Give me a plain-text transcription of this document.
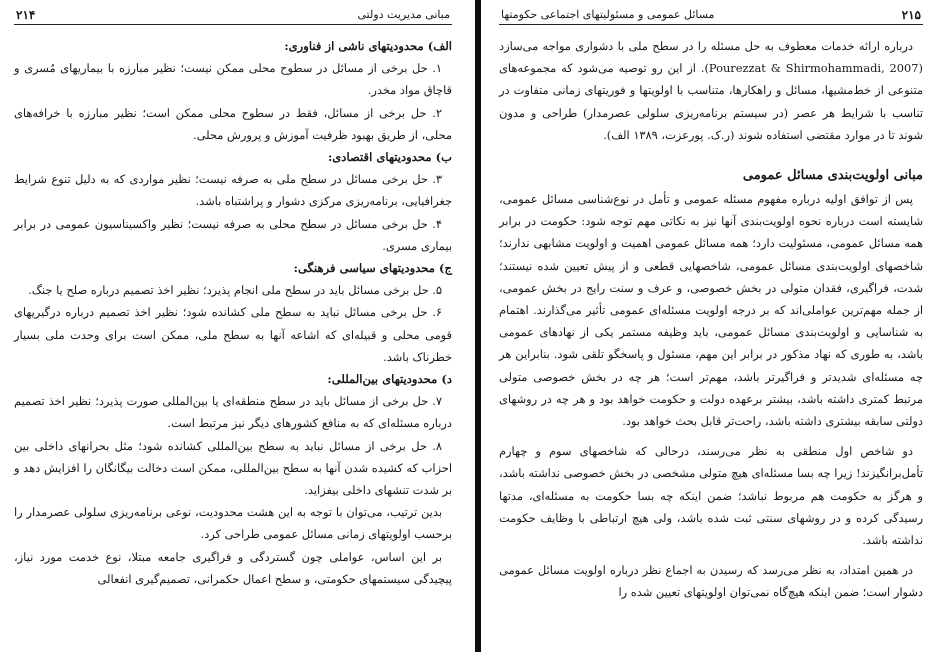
مبانی مدیریت دولتی
۲۱۴
الف) محدودیتهای ناشی از فناوری:

۱. حل برخی از مسائل در سطوح محلی ممکن نیست؛ نظیر مبارزه با بیماریهای مُسری و قاچاق مواد مخدر.

۲. حل برخی از مسائل، فقط در سطوح محلی ممکن است؛ نظیر مبارزه با خرافه‌های محلی، از طریق بهبود ظرفیت آموزش و پرورش محلی.

ب) محدودیتهای اقتصادی:

۳. حل برخی مسائل در سطح ملی به صرفه نیست؛ نظیر مواردی که به دلیل تنوع شرایط جغرافیایی، برنامه‌ریزی مرکزی دشوار و پراشتباه باشد.

۴. حل برخی مسائل در سطح محلی به صرفه نیست؛ نظیر واکسیناسیون عمومی در برابر بیماری مسری.

ج) محدودیتهای سیاسی فرهنگی:

۵. حل برخی مسائل باید در سطح ملی انجام پذیرد؛ نظیر اخذ تصمیم درباره صلح یا جنگ.

۶. حل برخی مسائل نباید به سطح ملی کشانده شود؛ نظیر اخذ تصمیم درباره درگیریهای قومی محلی و قبیله‌ای که اشاعه آنها به سطح ملی، ممکن است برای وحدت ملی بسیار خطرناک باشد.

د) محدودیتهای بین‌المللی:

۷. حل برخی از مسائل باید در سطح منطقه‌ای یا بین‌المللی صورت پذیرد؛ نظیر اخذ تصمیم درباره مسئله‌ای که به منافع کشورهای دیگر نیز مرتبط است.

۸. حل برخی از مسائل نباید به سطح بین‌المللی کشانده شود؛ مثل بحرانهای داخلی بین احزاب که کشیده شدن آنها به سطح بین‌المللی، ممکن است دخالت بیگانگان را افزایش دهد و بر شدت تنشهای داخلی بیفزاید.

بدین ترتیب، می‌توان با توجه به این هشت محدودیت، نوعی برنامه‌ریزی سلولی عصرمدار را برحسب اولویتهای زمانی مسائل عمومی طراحی کرد.

بر این اساس، عواملی چون گستردگی و فراگیری جامعه مبتلا، نوع خدمت مورد نیاز، پیچیدگی سیستمهای حکومتی، و سطح اعمال حکمرانی، تصمیم‌گیری انفعالی

۲۱۵
مسائل عمومی و مسئولیتهای اجتماعی حکومتها

درباره ارائه خدمات معطوف به حل مسئله را در سطح ملی با دشواری مواجه می‌سازد (Pourezzat & Shirmohammadi, 2007). از این رو توصیه می‌شود که مجموعه‌های متنوعی از خط‌مشیها، مسائل و راهکارها، متناسب با اولویتها و فوریتهای زمانی متفاوت در تناسب با شرایط هر عصر (در سیستم برنامه‌ریزی سلولی عصرمدار) طراحی و مدون شوند تا در موارد مقتضی استفاده شوند (ر.ک. پورعزت، ۱۳۸۹ الف).

مبانی اولویت‌بندی مسائل عمومی

پس از توافق اولیه درباره مفهوم مسئله عمومی و تأمل در نوع‌شناسی مسائل عمومی، شایسته است درباره نحوه اولویت‌بندی آنها نیز به نکاتی مهم توجه شود: حکومت در برابر همه مسائل عمومی، مسئولیت دارد؛ همه مسائل عمومی اهمیت و اولویت مشابهی ندارند؛ شاخصهای اولویت‌بندی مسائل عمومی، شاخصهایی قطعی و از پیش تعیین شده نیستند؛ شدت، فراگیری، فقدان متولی در بخش خصوصی، و عرف و سنت رایج در بخش عمومی، از جمله مهم‌ترین عواملی‌اند که بر درجه اولویت مسئله‌ای عمومی تأثیر می‌گذارند. اهتمام به شناسایی و اولویت‌بندی مسائل عمومی، باید وظیفه مستمر یکی از نهادهای عمومی باشد، به طوری که نهاد مذکور در برابر این مهم، مسئول و پاسخگو تلقی شود. بنابراین هر چه مسئله‌ای شدیدتر و فراگیرتر باشد، مهم‌تر است؛ هر چه در بخش خصوصی متولی مرتبط کمتری داشته باشد، بیشتر برعهده دولت و حکومت خواهد بود و هر چه در روشهای دولتی سابقه بیشتری داشته باشد، راحت‌تر قابل بحث خواهد بود.

دو شاخص اول منطقی به نظر می‌رسند، درحالی که شاخصهای سوم و چهارم تأمل‌برانگیزند! زیرا چه بسا مسئله‌ای هیچ متولی مشخصی در بخش خصوصی نداشته باشد، و هرگز به حکومت هم مربوط نباشد؛ ضمن اینکه چه بسا حکومت به مسئله‌ای، مدتها رسیدگی کرده و در روشهای سنتی ثبت شده باشد، ولی هیچ ارتباطی با وظایف حکومت نداشته باشد.

در همین امتداد، به نظر می‌رسد که رسیدن به اجماع نظر درباره اولویت مسائل عمومی دشوار است؛ ضمن اینکه هیچ‌گاه نمی‌توان اولویتهای تعیین شده را
